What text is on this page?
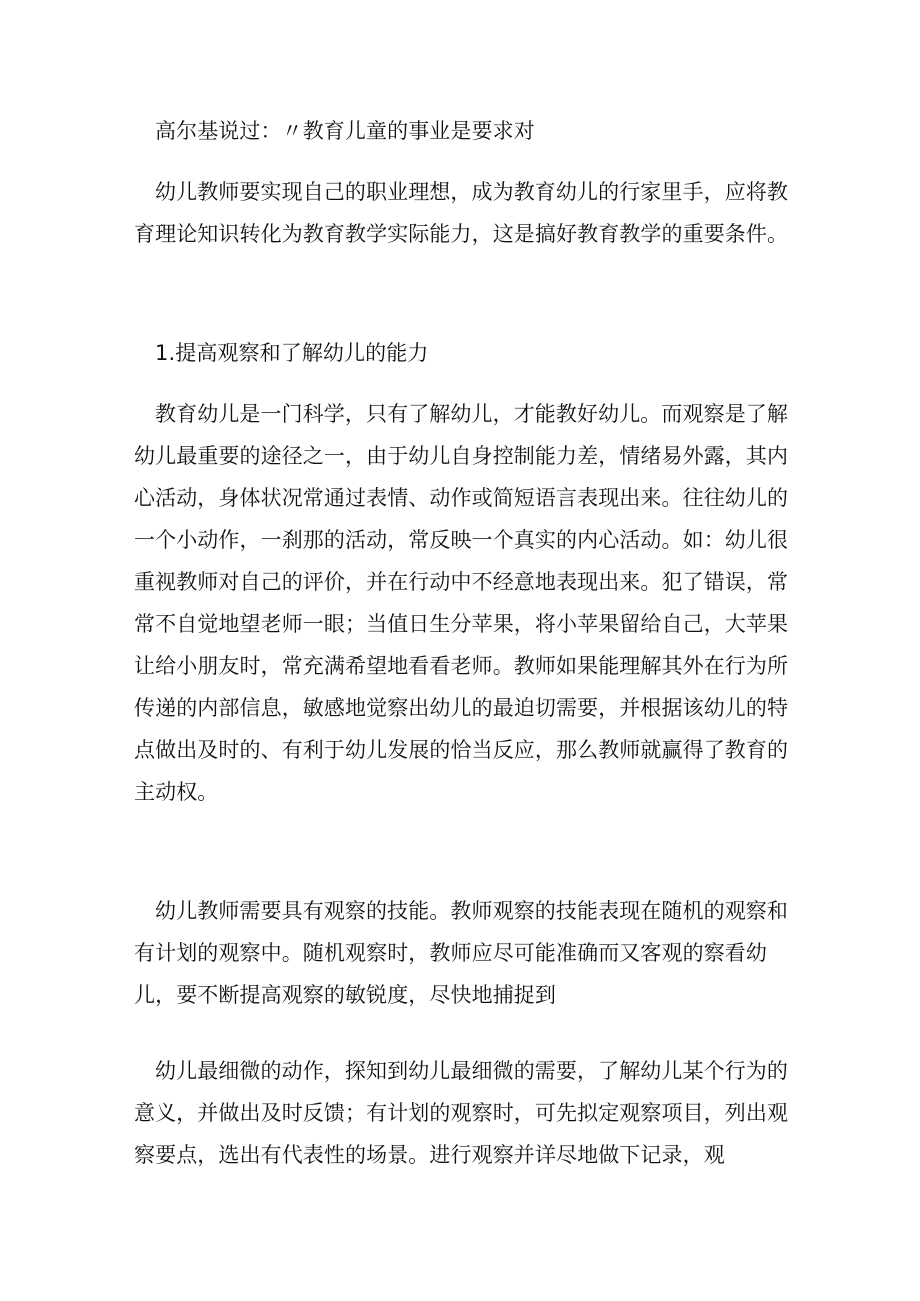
高尔基说过：〃教育儿童的事业是要求对

幼儿教师要实现自己的职业理想，成为教育幼儿的行家里手，应将教育理论知识转化为教育教学实际能力，这是搞好教育教学的重要条件。

1.提高观察和了解幼儿的能力

教育幼儿是一门科学，只有了解幼儿，才能教好幼儿。而观察是了解幼儿最重要的途径之一，由于幼儿自身控制能力差，情绪易外露，其内心活动，身体状况常通过表情、动作或简短语言表现出来。往往幼儿的一个小动作，一刹那的活动，常反映一个真实的内心活动。如：幼儿很重视教师对自己的评价，并在行动中不经意地表现出来。犯了错误，常常不自觉地望老师一眼；当值日生分苹果，将小苹果留给自己，大苹果让给小朋友时，常充满希望地看看老师。教师如果能理解其外在行为所传递的内部信息，敏感地觉察出幼儿的最迫切需要，并根据该幼儿的特点做出及时的、有利于幼儿发展的恰当反应，那么教师就赢得了教育的主动权。

幼儿教师需要具有观察的技能。教师观察的技能表现在随机的观察和有计划的观察中。随机观察时，教师应尽可能准确而又客观的察看幼儿，要不断提高观察的敏锐度，尽快地捕捉到

幼儿最细微的动作，探知到幼儿最细微的需要，了解幼儿某个行为的意义，并做出及时反馈；有计划的观察时，可先拟定观察项目，列出观察要点，选出有代表性的场景。进行观察并详尽地做下记录，观
